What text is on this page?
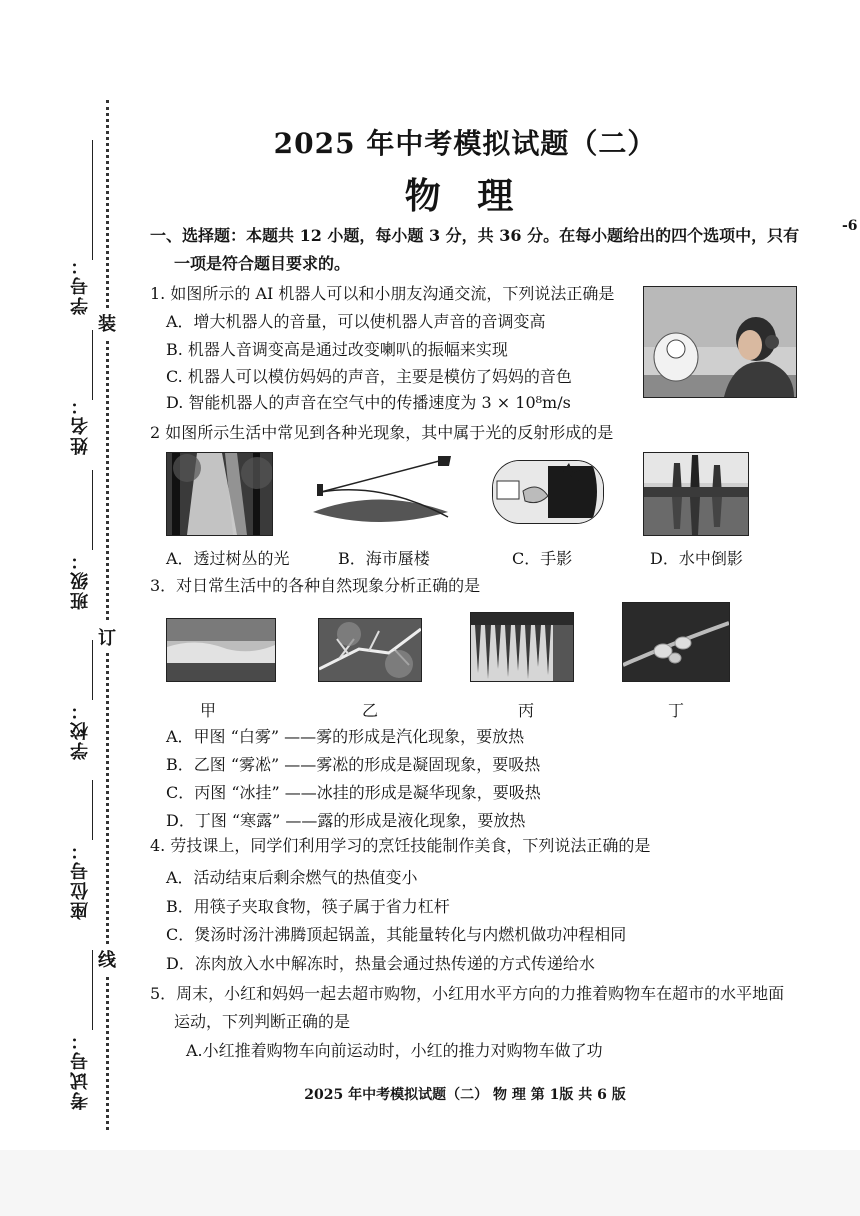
学号：
姓名：
班级：
学校：
座位号：
考试号：
装
订
线
2025 年中考模拟试题（二）
物 理
-6
一、选择题：本题共 12 小题，每小题 3 分，共 36 分。在每小题给出的四个选项中，只有
一项是符合题目要求的。
1. 如图所示的 AI 机器人可以和小朋友沟通交流，下列说法正确是
A．增大机器人的音量，可以使机器人声音的音调变高
B. 机器人音调变高是通过改变喇叭的振幅来实现
C. 机器人可以模仿妈妈的声音，主要是模仿了妈妈的音色
D. 智能机器人的声音在空气中的传播速度为 3 × 10⁸m/s
2 如图所示生活中常见到各种光现象，其中属于光的反射形成的是
A．透过树丛的光	B．海市蜃楼	C．手影	D．水中倒影
3．对日常生活中的各种自然现象分析正确的是
甲	乙	丙	丁
A．甲图 “白雾” ——雾的形成是汽化现象，要放热
B．乙图 “雾凇” ——雾凇的形成是凝固现象，要吸热
C．丙图 “冰挂” ——冰挂的形成是凝华现象，要吸热
D．丁图 “寒露” ——露的形成是液化现象，要放热
4. 劳技课上，同学们利用学习的烹饪技能制作美食，下列说法正确的是
A．活动结束后剩余燃气的热值变小
B．用筷子夹取食物，筷子属于省力杠杆
C．煲汤时汤汁沸腾顶起锅盖，其能量转化与内燃机做功冲程相同
D．冻肉放入水中解冻时，热量会通过热传递的方式传递给水
5．周末，小红和妈妈一起去超市购物，小红用水平方向的力推着购物车在超市的水平地面
运动，下列判断正确的是
A.小红推着购物车向前运动时，小红的推力对购物车做了功
2025 年中考模拟试题（二） 物 理 第 1版 共 6 版
